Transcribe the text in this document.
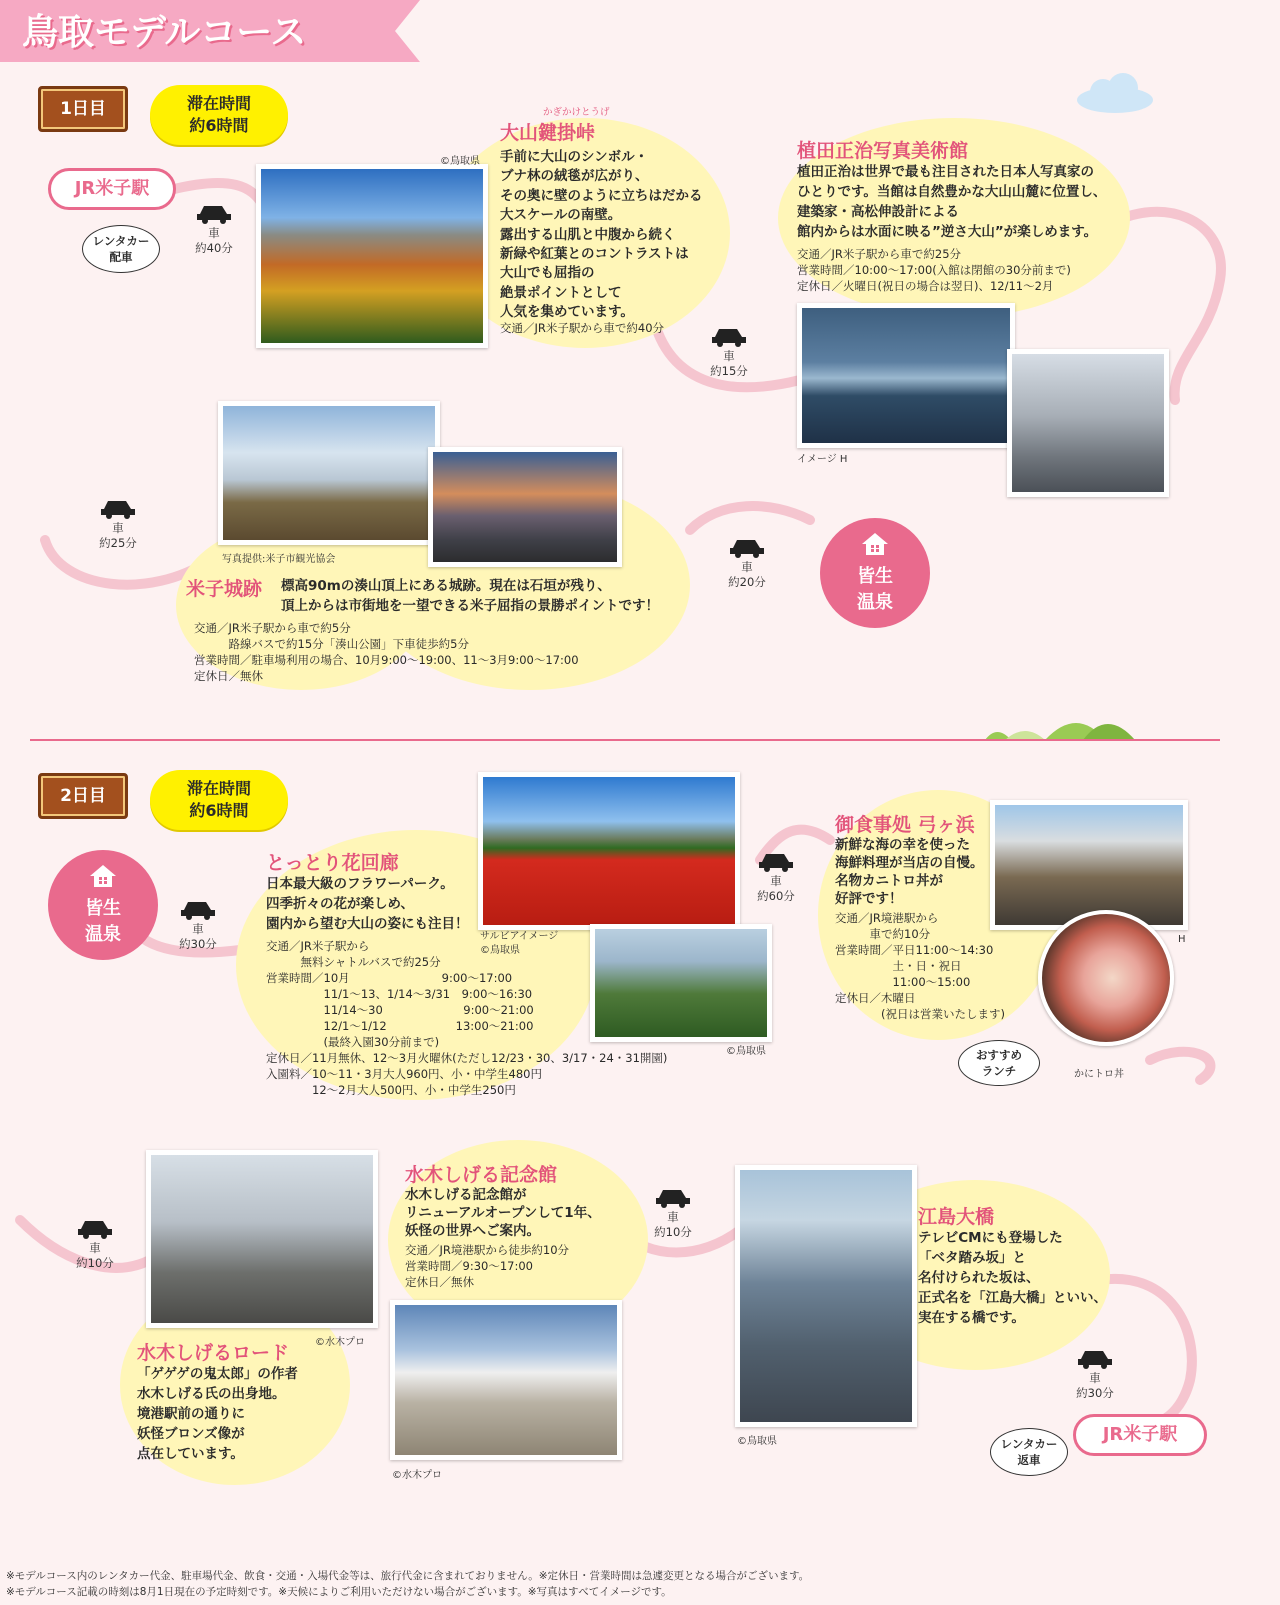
鳥取モデルコース
1日目	滞在時間
約6時間
JR米子駅
レンタカー
配車
車
約40分
©鳥取県
かぎかけとうげ
大山鍵掛峠
手前に大山のシンボル・
ブナ林の絨毯が広がり、
その奥に壁のように立ちはだかる
大スケールの南壁。
露出する山肌と中腹から続く
新緑や紅葉とのコントラストは
大山でも屈指の
絶景ポイントとして
人気を集めています。
交通／JR米子駅から車で約40分
車
約15分
植田正治写真美術館
植田正治は世界で最も注目された日本人写真家の
ひとりです。当館は自然豊かな大山山麓に位置し、
建築家・高松伸設計による
館内からは水面に映る”逆さ大山”が楽しめます。
交通／JR米子駅から車で約25分
営業時間／10:00～17:00(入館は閉館の30分前まで)
定休日／火曜日(祝日の場合は翌日)、12/11～2月
イメージ H
車
約25分
写真提供:米子市観光協会
米子城跡 標高90mの湊山頂上にある城跡。現在は石垣が残り、
頂上からは市街地を一望できる米子屈指の景勝ポイントです！
交通／JR米子駅から車で約5分
　　　路線バスで約15分「湊山公園」下車徒歩約5分
営業時間／駐車場利用の場合、10月9:00～19:00、11～3月9:00～17:00
定休日／無休
車
約20分	皆生
温泉
2日目	滞在時間
約6時間
皆生
温泉	車
約30分
サルビアイメージ
©鳥取県
©鳥取県
とっとり花回廊
日本最大級のフラワーパーク。
四季折々の花が楽しめ、
園内から望む大山の姿にも注目！
交通／JR米子駅から
　　　無料シャトルバスで約25分
営業時間／10月　　　　　　　　9:00～17:00
　　　　　11/1～13、1/14～3/31　9:00～16:30
　　　　　11/14～30　　　　　　　9:00～21:00
　　　　　12/1～1/12　　　　　　13:00～21:00
　　　　　(最終入園30分前まで)
定休日／11月無休、12～3月火曜休(ただし12/23・30、3/17・24・31開園)
入園料／10～11・3月大人960円、小・中学生480円
　　　　12～2月大人500円、小・中学生250円
車
約60分
H
かにトロ丼
おすすめ
ランチ
御食事処 弓ヶ浜
新鮮な海の幸を使った
海鮮料理が当店の自慢。
名物カニトロ丼が
好評です！
交通／JR境港駅から
　　　車で約10分
営業時間／平日11:00～14:30
　　　　　土・日・祝日
　　　　　11:00～15:00
定休日／木曜日
　　　　(祝日は営業いたします)
車
約10分
©水木プロ
水木しげるロード
「ゲゲゲの鬼太郎」の作者
水木しげる氏の出身地。
境港駅前の通りに
妖怪ブロンズ像が
点在しています。
水木しげる記念館
水木しげる記念館が
リニューアルオープンして1年、
妖怪の世界へご案内。
交通／JR境港駅から徒歩約10分
営業時間／9:30～17:00
定休日／無休
©水木プロ
車
約10分
©鳥取県
江島大橋
テレビCMにも登場した
「ベタ踏み坂」と
名付けられた坂は、
正式名を「江島大橋」といい、
実在する橋です。
車
約30分
JR米子駅
レンタカー
返車
※モデルコース内のレンタカー代金、駐車場代金、飲食・交通・入場代金等は、旅行代金に含まれておりません。※定休日・営業時間は急遽変更となる場合がございます。
※モデルコース記載の時刻は8月1日現在の予定時刻です。※天候によりご利用いただけない場合がございます。※写真はすべてイメージです。
